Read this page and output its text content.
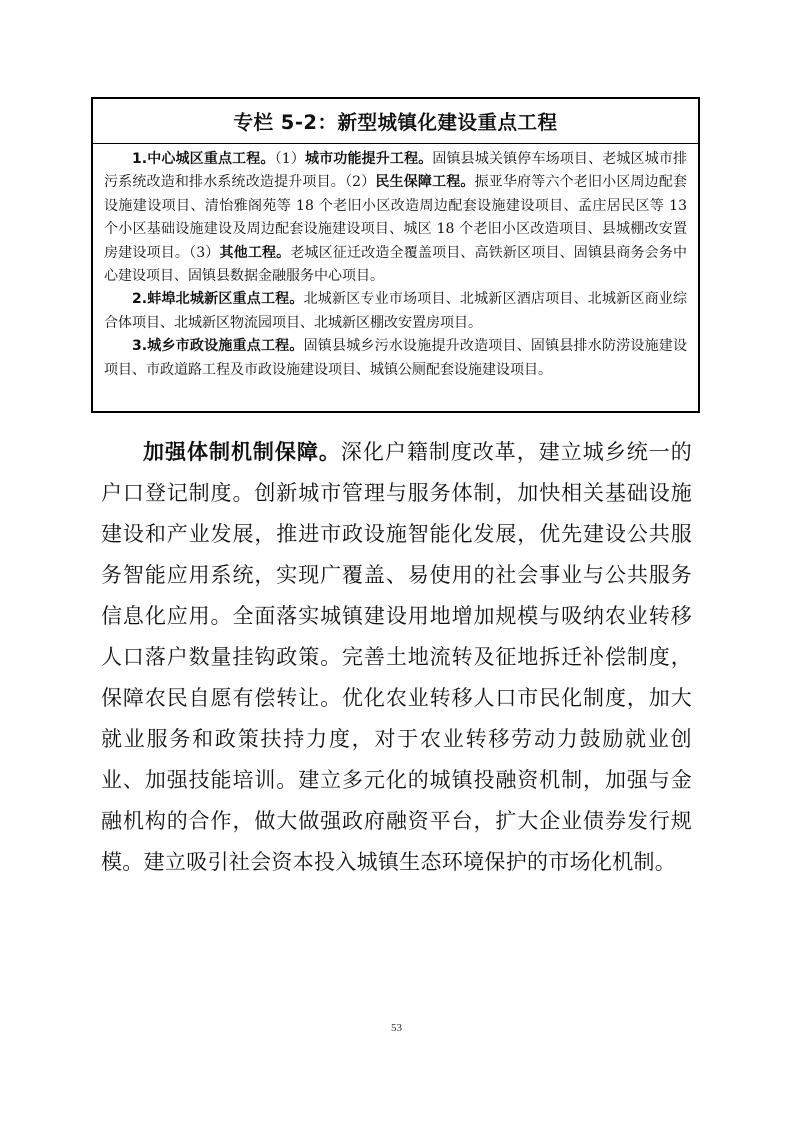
专栏 5-2：新型城镇化建设重点工程

1.中心城区重点工程。（1）城市功能提升工程。固镇县城关镇停车场项目、老城区城市排污系统改造和排水系统改造提升项目。（2）民生保障工程。振亚华府等六个老旧小区周边配套设施建设项目、清怡雅阁苑等 18 个老旧小区改造周边配套设施建设项目、孟庄居民区等 13 个小区基础设施建设及周边配套设施建设项目、城区 18 个老旧小区改造项目、县城棚改安置房建设项目。（3）其他工程。老城区征迁改造全覆盖项目、高铁新区项目、固镇县商务会务中心建设项目、固镇县数据金融服务中心项目。

2.蚌埠北城新区重点工程。北城新区专业市场项目、北城新区酒店项目、北城新区商业综合体项目、北城新区物流园项目、北城新区棚改安置房项目。

3.城乡市政设施重点工程。固镇县城乡污水设施提升改造项目、固镇县排水防涝设施建设项目、市政道路工程及市政设施建设项目、城镇公厕配套设施建设项目。

加强体制机制保障。深化户籍制度改革，建立城乡统一的户口登记制度。创新城市管理与服务体制，加快相关基础设施建设和产业发展，推进市政设施智能化发展，优先建设公共服务智能应用系统，实现广覆盖、易使用的社会事业与公共服务信息化应用。全面落实城镇建设用地增加规模与吸纳农业转移人口落户数量挂钩政策。完善土地流转及征地拆迁补偿制度，保障农民自愿有偿转让。优化农业转移人口市民化制度，加大就业服务和政策扶持力度，对于农业转移劳动力鼓励就业创业、加强技能培训。建立多元化的城镇投融资机制，加强与金融机构的合作，做大做强政府融资平台，扩大企业债券发行规模。建立吸引社会资本投入城镇生态环境保护的市场化机制。

53
